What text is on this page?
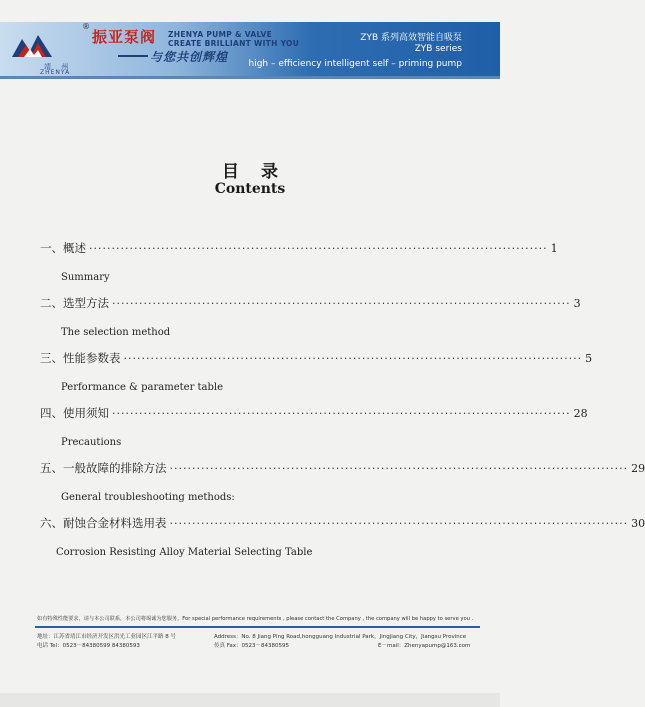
®
靖 州
ZHENYA
振亚泵阀 ZHENYA PUMP & VALVE
CREATE BRILLIANT WITH YOU
与您共创辉煌
ZYB 系列高效智能自吸泵
ZYB series
high – efficiency intelligent self – priming pump
目录
Contents
一、概述 ······································································································ 1
Summary
二、选型方法 ······································································································ 3
The selection method
三、性能参数表 ······································································································ 5
Performance & parameter table
四、使用须知 ······································································································ 28
Precautions
五、一般故障的排除方法 ······································································································ 29
General troubleshooting methods:
六、耐蚀合金材料选用表 ······································································································ 30
Corrosion Resisting Alloy Material Selecting Table
如有特殊性能要求，请与本公司联系，本公司将竭诚为您服务。For special performance requirements , please contact the Company , the company will be happy to serve you .
地址：江苏省靖江市经济开发区洪光工业园区江平路 8 号
电话 Tel：0523－84380599 84380593
Address：No. 8 Jiang Ping Road,hongguang Industrial Park，Jingjiang City，Jiangsu Province
传真 Fax：0523－84380595	E－mail：Zhenyapump@163.com
